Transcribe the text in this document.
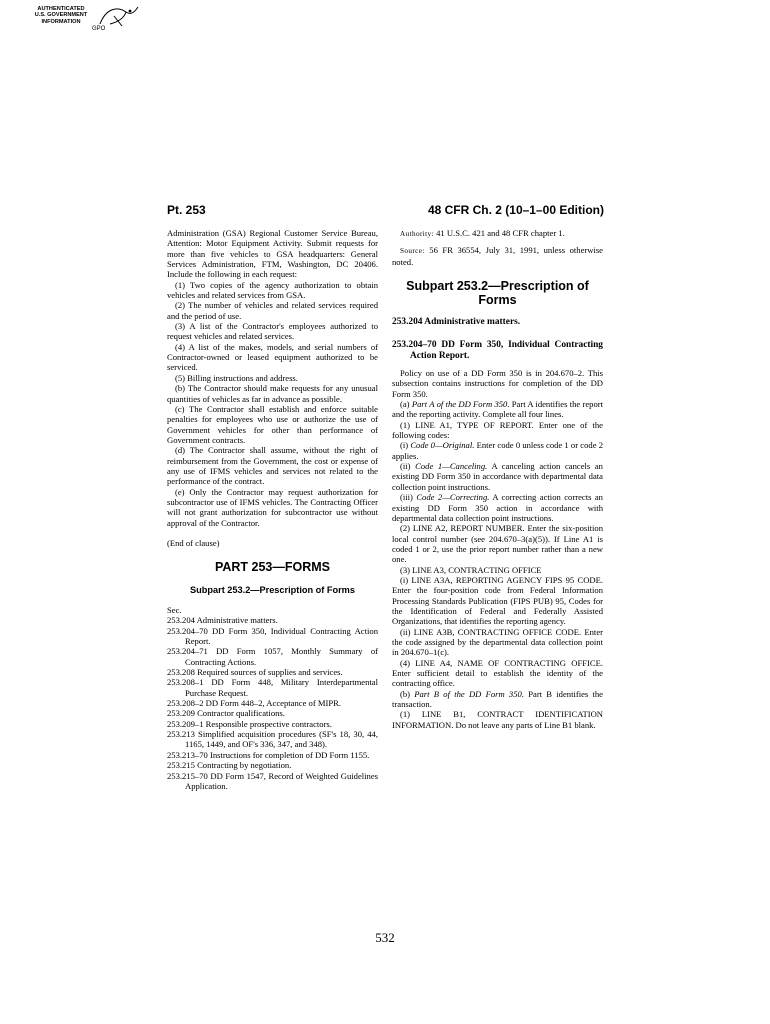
AUTHENTICATED
U.S. GOVERNMENT
INFORMATION
GPO
Pt. 253	48 CFR Ch. 2 (10–1–00 Edition)

Administration (GSA) Regional Customer Service Bureau, Attention: Motor Equipment Activity. Submit requests for more than five vehicles to GSA headquarters: General Services Administration, FTM, Washington, DC 20406. Include the following in each request:

(1) Two copies of the agency authorization to obtain vehicles and related services from GSA.

(2) The number of vehicles and related services required and the period of use.

(3) A list of the Contractor's employees authorized to request vehicles and related services.

(4) A list of the makes, models, and serial numbers of Contractor-owned or leased equipment authorized to be serviced.

(5) Billing instructions and address.

(b) The Contractor should make requests for any unusual quantities of vehicles as far in advance as possible.

(c) The Contractor shall establish and enforce suitable penalties for employees who use or authorize the use of Government vehicles for other than performance of Government contracts.

(d) The Contractor shall assume, without the right of reimbursement from the Government, the cost or expense of any use of IFMS vehicles and services not related to the performance of the contract.

(e) Only the Contractor may request authorization for subcontractor use of IFMS vehicles. The Contracting Officer will not grant authorization for subcontractor use without approval of the Contractor.

(End of clause)

PART 253—FORMS
Subpart 253.2—Prescription of Forms

Sec.

253.204 Administrative matters.

253.204–70 DD Form 350, Individual Contracting Action Report.

253.204–71 DD Form 1057, Monthly Summary of Contracting Actions.

253.208 Required sources of supplies and services.

253.208–1 DD Form 448, Military Interdepartmental Purchase Request.

253.208–2 DD Form 448–2, Acceptance of MIPR.

253.209 Contractor qualifications.

253.209–1 Responsible prospective contractors.

253.213 Simplified acquisition procedures (SF's 18, 30, 44, 1165, 1449, and OF's 336, 347, and 348).

253.213–70 Instructions for completion of DD Form 1155.

253.215 Contracting by negotiation.

253.215–70 DD Form 1547, Record of Weighted Guidelines Application.

Authority: 41 U.S.C. 421 and 48 CFR chapter 1.

Source: 56 FR 36554, July 31, 1991, unless otherwise noted.

Subpart 253.2—Prescription of Forms

253.204 Administrative matters.

253.204–70 DD Form 350, Individual Contracting Action Report.

Policy on use of a DD Form 350 is in 204.670–2. This subsection contains instructions for completion of the DD Form 350.

(a) Part A of the DD Form 350. Part A identifies the report and the reporting activity. Complete all four lines.

(1) LINE A1, TYPE OF REPORT. Enter one of the following codes:

(i) Code 0—Original. Enter code 0 unless code 1 or code 2 applies.

(ii) Code 1—Canceling. A canceling action cancels an existing DD Form 350 in accordance with departmental data collection point instructions.

(iii) Code 2—Correcting. A correcting action corrects an existing DD Form 350 action in accordance with departmental data collection point instructions.

(2) LINE A2, REPORT NUMBER. Enter the six-position local control number (see 204.670–3(a)(5)). If Line A1 is coded 1 or 2, use the prior report number rather than a new one.

(3) LINE A3, CONTRACTING OFFICE

(i) LINE A3A, REPORTING AGENCY FIPS 95 CODE. Enter the four-position code from Federal Information Processing Standards Publication (FIPS PUB) 95, Codes for the Identification of Federal and Federally Assisted Organizations, that identifies the reporting agency.

(ii) LINE A3B, CONTRACTING OFFICE CODE. Enter the code assigned by the departmental data collection point in 204.670–1(c).

(4) LINE A4, NAME OF CONTRACTING OFFICE. Enter sufficient detail to establish the identity of the contracting office.

(b) Part B of the DD Form 350. Part B identifies the transaction.

(1) LINE B1, CONTRACT IDENTIFICATION INFORMATION. Do not leave any parts of Line B1 blank.

532
